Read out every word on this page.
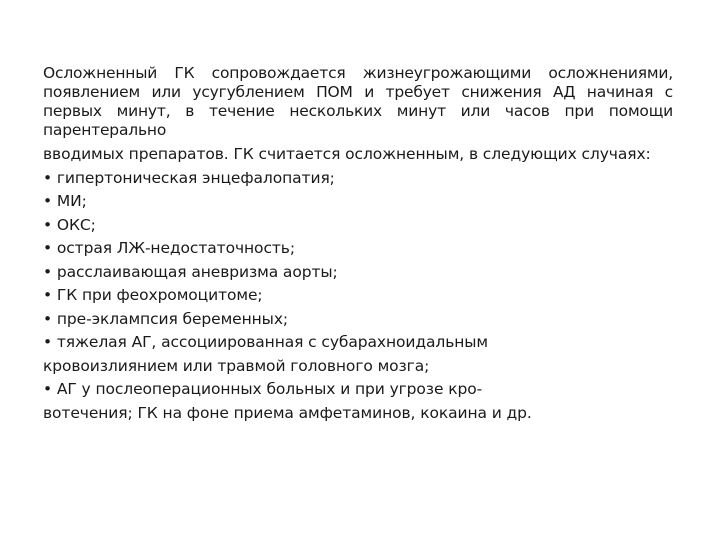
Осложненный ГК сопровождается жизнеугрожающими осложнениями, появлением или усугублением ПОМ и требует снижения АД начиная с первых минут, в течение нескольких минут или часов при помощи парентерально

вводимых препаратов. ГК считается осложненным, в следующих случаях:

• гипертоническая энцефалопатия;

• МИ;

• ОКС;

• острая ЛЖ-недостаточность;

• расслаивающая аневризма аорты;

• ГК при феохромоцитоме;

• пре-эклампсия беременных;

• тяжелая АГ, ассоциированная с субарахноидальным

кровоизлиянием или травмой головного мозга;

• АГ у послеоперационных больных и при угрозе кро-

вотечения; ГК на фоне приема амфетаминов, кокаина и др.
